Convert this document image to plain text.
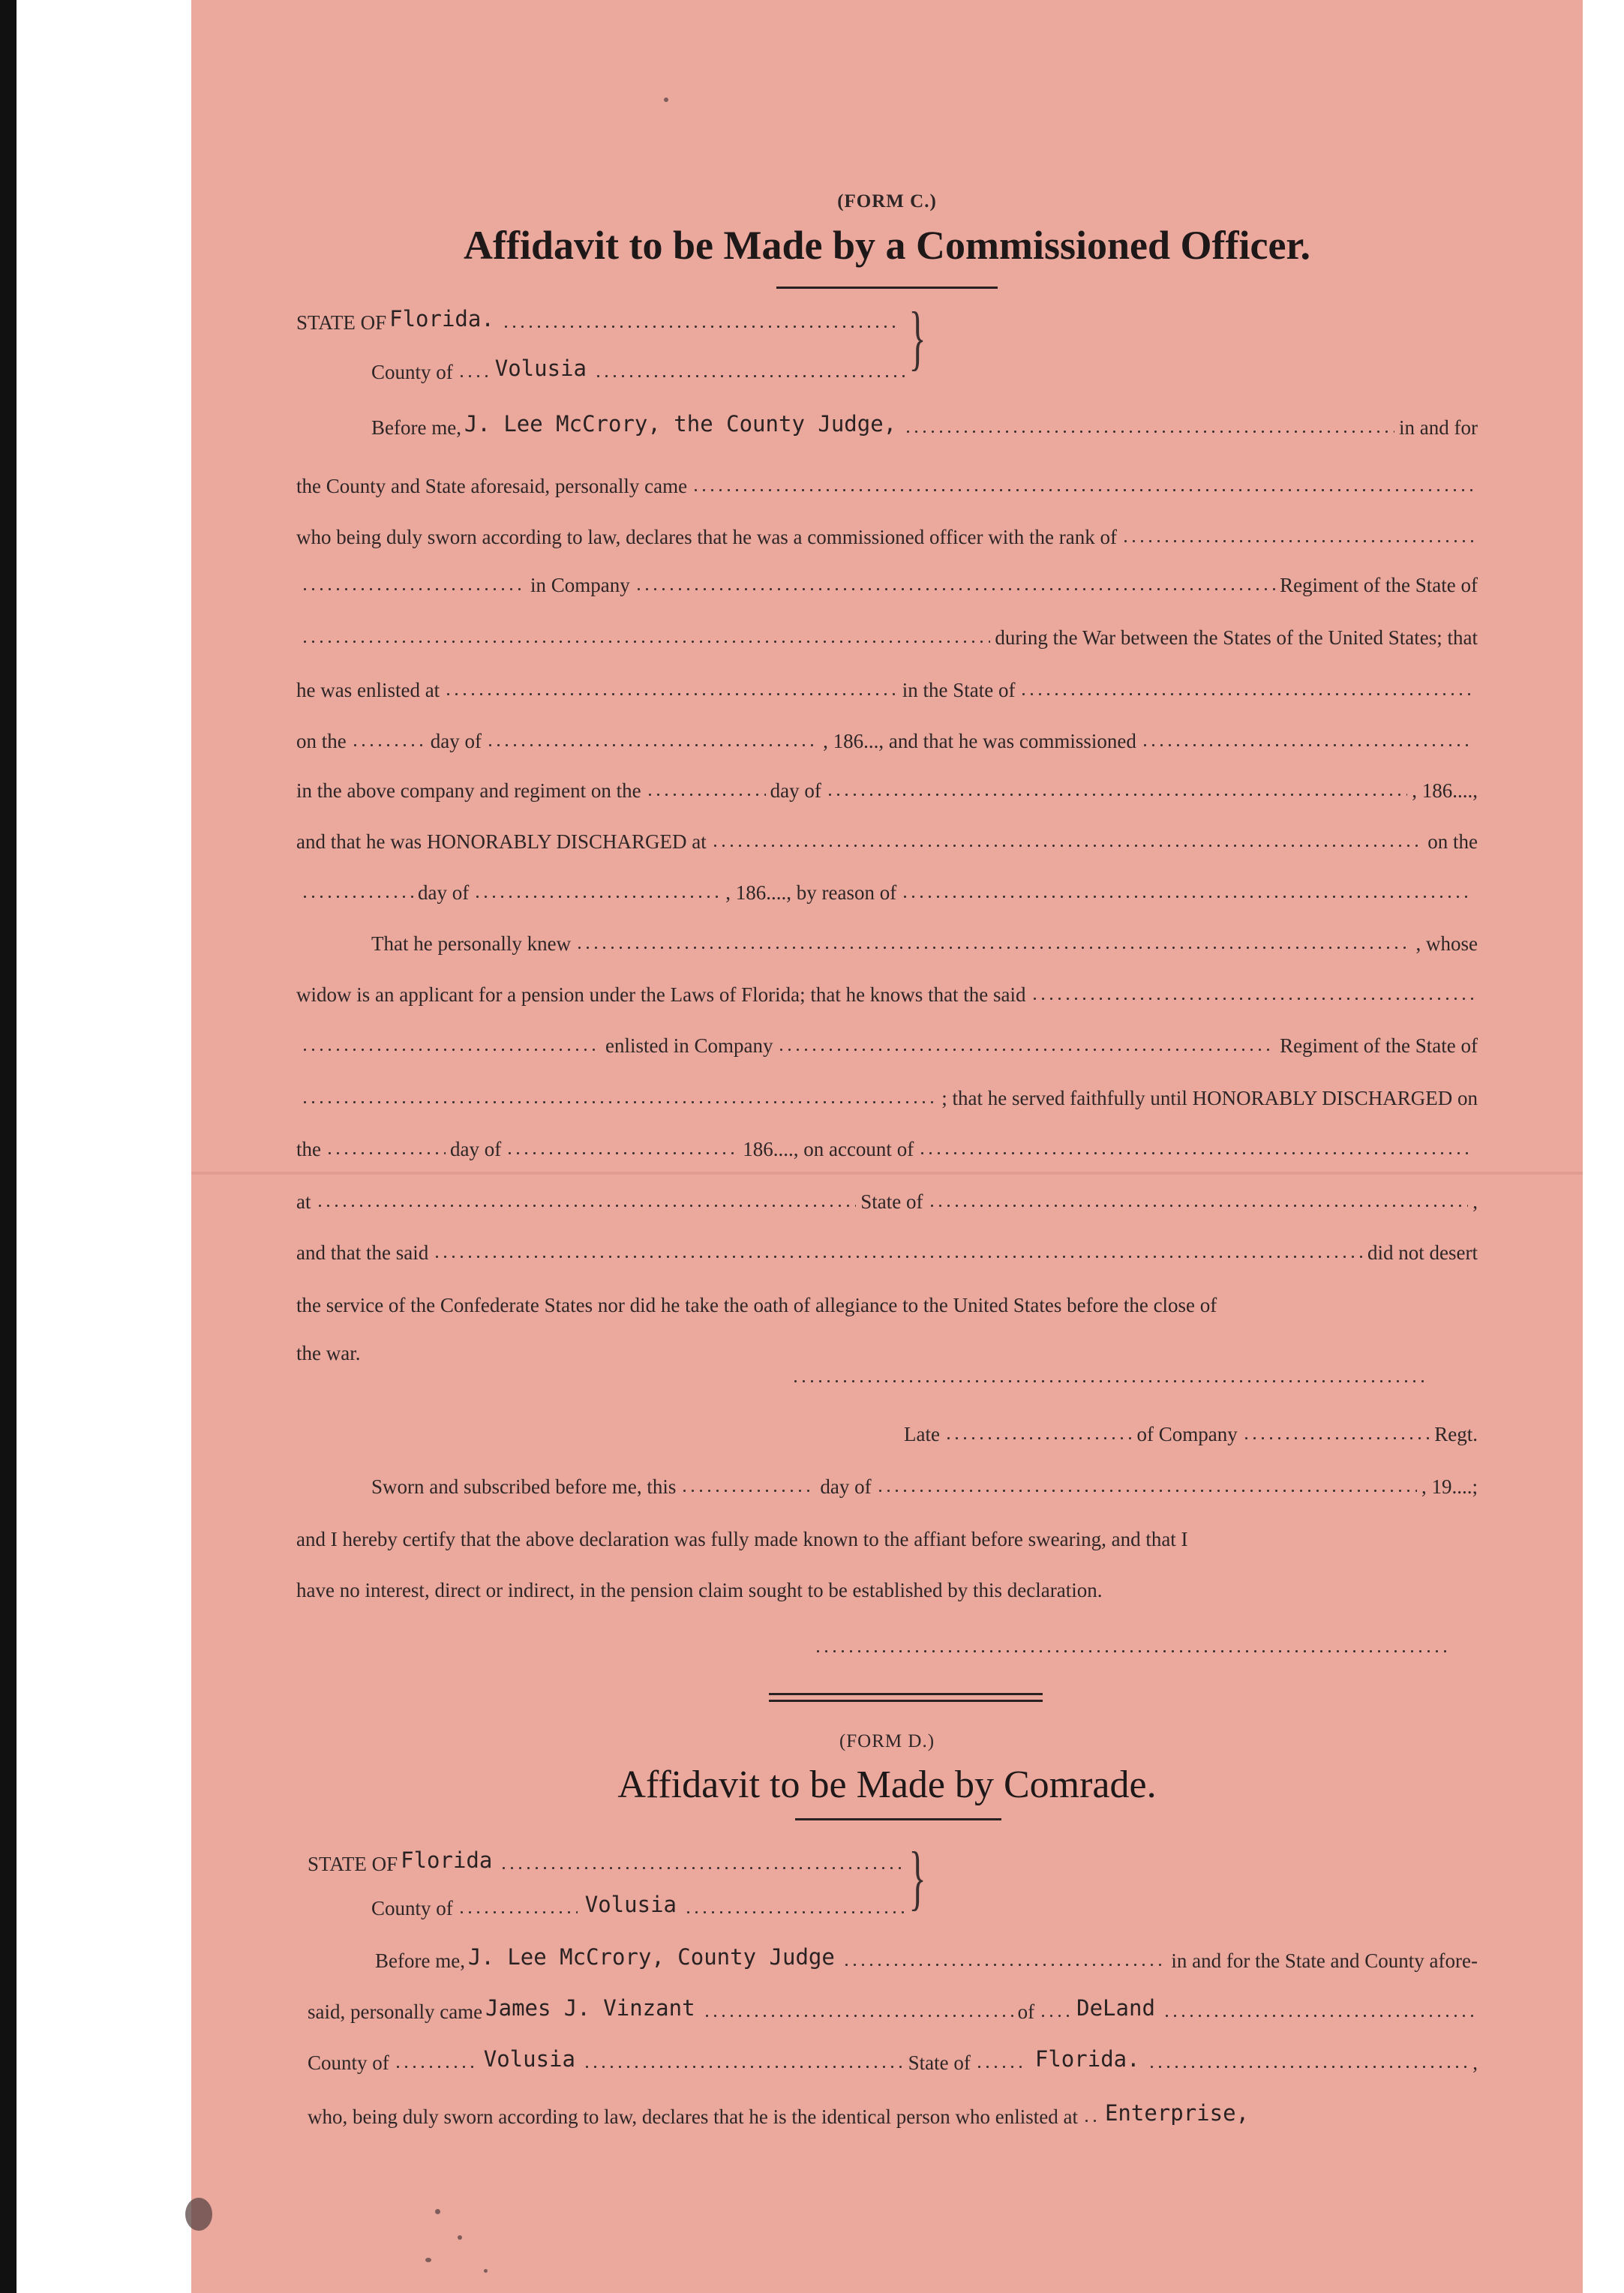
(FORM C.)
Affidavit to be Made by a Commissioned Officer.
STATE OF Florida.
County of Volusia	}
Before me, J. Lee McCrory, the County Judge,	in and for
the County and State aforesaid, personally came
who being duly sworn according to law, declares that he was a commissioned officer with the rank of
in Company	Regiment of the State of
during the War between the States of the United States; that
he was enlisted at	in the State of
on the	day of	, 186..., and that he was commissioned
in the above company and regiment on the	day of	, 186....,
and that he was HONORABLY DISCHARGED at	on the
day of	, 186...., by reason of
That he personally knew	, whose
widow is an applicant for a pension under the Laws of Florida; that he knows that the said
enlisted in Company	Regiment of the State of
; that he served faithfully until HONORABLY DISCHARGED on
the	day of	186...., on account of
at	State of	,
and that the said	did not desert
the service of the Confederate States nor did he take the oath of allegiance to the United States before the close of
the war.
Late	of Company	Regt.
Sworn and subscribed before me, this	day of	, 19....;
and I hereby certify that the above declaration was fully made known to the affiant before swearing, and that I
have no interest, direct or indirect, in the pension claim sought to be established by this declaration.
(FORM D.)
Affidavit to be Made by Comrade.
STATE OF Florida
County of	Volusia	}
Before me, J. Lee McCrory, County Judge	in and for the State and County afore-
said, personally came James J. Vinzant	of DeLand
County of	Volusia	State of	Florida.	,
who, being duly sworn according to law, declares that he is the identical person who enlisted at Enterprise,
